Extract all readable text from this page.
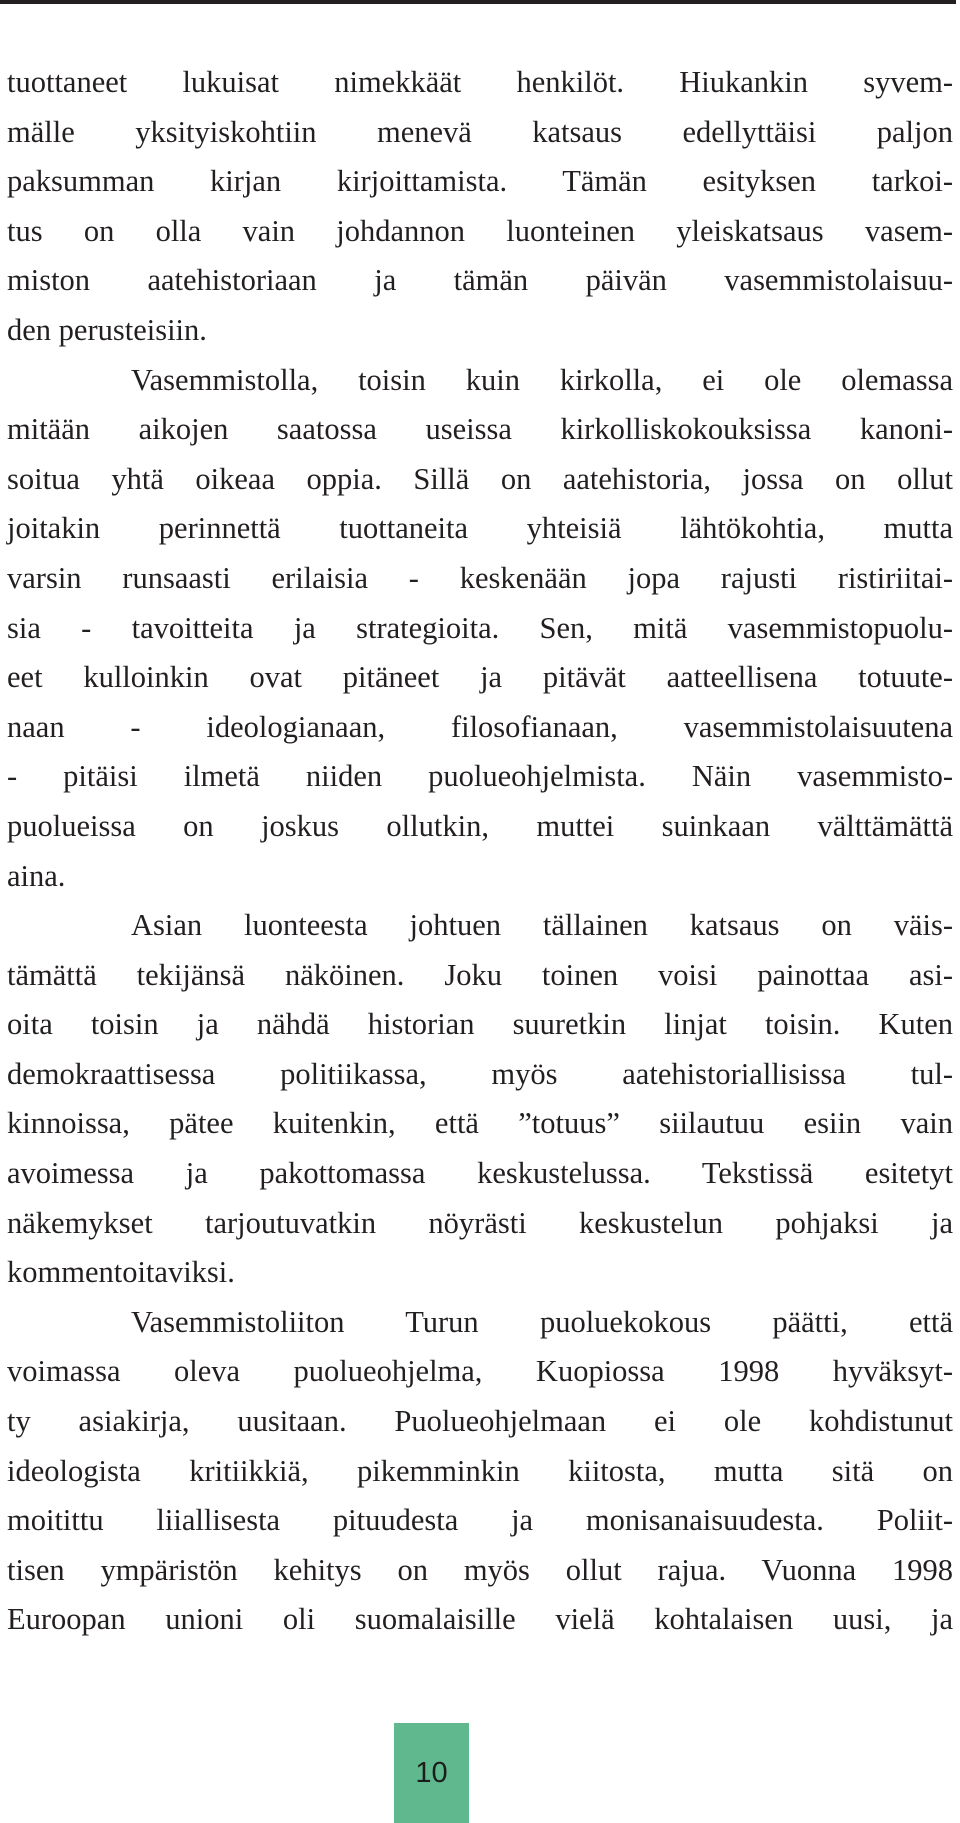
tuottaneet lukuisat nimekkäät henkilöt. Hiukankin syvem-
mälle yksityiskohtiin menevä katsaus edellyttäisi paljon
paksumman kirjan kirjoittamista. Tämän esityksen tarkoi-
tus on olla vain johdannon luonteinen yleiskatsaus vasem-
miston aatehistoriaan ja tämän päivän vasemmistolaisuu-
den perusteisiin.
Vasemmistolla, toisin kuin kirkolla, ei ole olemassa
mitään aikojen saatossa useissa kirkolliskokouksissa kanoni-
soitua yhtä oikeaa oppia. Sillä on aatehistoria, jossa on ollut
joitakin perinnettä tuottaneita yhteisiä lähtökohtia, mutta
varsin runsaasti erilaisia - keskenään jopa rajusti ristiriitai-
sia - tavoitteita ja strategioita. Sen, mitä vasemmistopuolu-
eet kulloinkin ovat pitäneet ja pitävät aatteellisena totuute-
naan - ideologianaan, filosofianaan, vasemmistolaisuutena
- pitäisi ilmetä niiden puolueohjelmista. Näin vasemmisto-
puolueissa on joskus ollutkin, muttei suinkaan välttämättä
aina.
Asian luonteesta johtuen tällainen katsaus on väis-
tämättä tekijänsä näköinen. Joku toinen voisi painottaa asi-
oita toisin ja nähdä historian suuretkin linjat toisin. Kuten
demokraattisessa politiikassa, myös aatehistoriallisissa tul-
kinnoissa, pätee kuitenkin, että ”totuus” siilautuu esiin vain
avoimessa ja pakottomassa keskustelussa. Tekstissä esitetyt
näkemykset tarjoutuvatkin nöyrästi keskustelun pohjaksi ja
kommentoitaviksi.
Vasemmistoliiton Turun puoluekokous päätti, että
voimassa oleva puolueohjelma, Kuopiossa 1998 hyväksyt-
ty asiakirja, uusitaan. Puolueohjelmaan ei ole kohdistunut
ideologista kritiikkiä, pikemminkin kiitosta, mutta sitä on
moitittu liiallisesta pituudesta ja monisanaisuudesta. Poliit-
tisen ympäristön kehitys on myös ollut rajua. Vuonna 1998
Euroopan unioni oli suomalaisille vielä kohtalaisen uusi, ja
10
